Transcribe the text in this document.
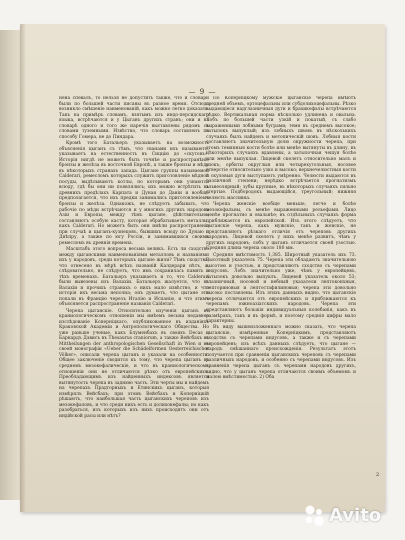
— 9 —

нена спевалъ, то нельзя не допустить также, что и словари были по большей части писаны въ разное время. Отсюда возникло смѣшенiе наименованiй, какъ можно легко доказать. Такъ на примѣръ словамъ, взятымъ изъ индо-персидскаго языка, встрѣчаются и у Цыганъ другихъ странъ; они и въ словарѣ одного и того же наречiя выставлены рядомъ съ словами туземными. Извѣстно, что словарь составленъ по способу Гомера, не до Пиндара.

Кромѣ того Батальеръ указываетъ на возможность объясненiя цыганъ съ тѣмъ, что сванами ихъ называютъ, указываетъ на естественность въ Сиццiю до «скутовъ». Исторiя нигдѣ не можетъ быть точнѣе и распространѣнiе бронзы и желѣза въ восточной Европѣ, а также бронзы и мѣди въ нѣкоторыхъ странахъ запада. Цыгане группы называемой Calderari, ремесломъ которыхъ служитъ приготовленiе мѣдной посуды, выдѣлываютъ котлы, по которымъ они узнаются всюду, гдѣ бы они ни появлялись; ихъ можно встрѣтить въ древнихъ предѣлахъ Карпата и Дуная до Данiи и вообще предполагается, что ихъ предки занимались приготовленiемъ бронзы и желѣза. Однакожъ, не слѣдуетъ забывать, что рабочiе по мѣди встрѣчаются и у многихъ другихъ народовъ Азiи и Европы; между тѣмъ цыгане, дѣйствительно, составляютъ особую касту, которая обрабатываетъ металлы, какъ Calderari. Но можетъ быть они имѣли распространенiе при случаѣ и цыганъ-кузнецовъ, бывшихъ всюду по Дунаю и Днѣпру, а также по югу Россiи, и занимавшихся своимъ ремесломъ въ древнiя времена.

Масштабъ этого вопроса весьма великъ. Есть ли сходство между цыганскими наименованiями металловъ и названiями ихъ у народовъ, среди которыхъ цыгане жили? Тѣмъ сходства, что отнесено въ мѣрѣ всѣхъ названiй Калдерари нѣтъ, а, слѣдовательно, не слѣдуетъ, что имъ сохранилась память о тѣхъ временахъ. Батальеръ указываетъ и то, что Calderari были вывезены изъ Валахiи. Батальеръ жалуется, что въ Валахiи и прочихъ странахъ о нихъ мало извѣстно, и что исторiя ихъ весьма неполна; онъ думаетъ, что цыгане эти попали въ Францiю черезъ Италiю и Испанiю, и что этимъ объясняется распространенiе названiя Calderari.

Черепа цыганскiе. Относительно изученiя цыганъ въ краниологическомъ отношенiи мы имѣемъ весьма недавнее изслѣдованiе Копернiцкаго, опубликованное въ изданiяхъ Краковской Академiи и Антропологическаго Общества. Но уже раньше ученые, какъ Блуменбахъ въ своихъ Decas и Барнардъ Дэвисъ въ Thesaurus craniorum, а также Вейсбахъ въ Mittheilungen der anthropologischen Gesellschaft in Wien и въ своей монографiи «Ueber die Schädelformen Oesterreichischer Völker», описали черепа цыганъ и указали на особенности. Общее заключенiе сводится къ тому, что черепа цыганъ въ среднемъ мезокефалическiе, и что въ краниологическомъ отношенiи они не отличаются рѣзко отъ европейскихъ. Преобладающимъ изъ найденныхъ индексовъ является вытянутость черепа въ заднюю часть. Эти черты мы и найдемъ на черепахъ Прадгорныхъ и Етинскихъ цыганъ, которыя измѣрялъ Вейсбахъ; при этомъ Вейсбахъ и Копернiцкiй рѣшаютъ, что наибольшая часть цыганскихъ череповъ изъ мезокефаловъ, и что среди нихъ есть и долихокефалы; но какъ разобраться, изъ которыхъ изъ нихъ происходятъ они отъ индiйской расы или нѣтъ?

По Копернiцкому мужскiе цыганскiе черепа имѣютъ средней объемъ, ортоцефальны или субдолихоцефальны. Рѣзко выдающiеся надглазничныя дуги и брахикефалы встрѣчаются рѣдко. Вертикальная норма нѣсколько удлинена и овальна. Лобъ по большей части узкiй и покатый, съ слабо выраженными лобными буграми; темя въ среднемъ высокое; затылокъ выпуклый; изъ лобныхъ швовъ въ нѣсколькихъ случаяхъ былъ найденъ и метопическiй шовъ. Лобныя кости составляютъ значительную долю окружности черепа, при этомъ темянныя кости болѣе или менѣе вытянуты въ длину, въ нѣкоторыхъ случаяхъ вдавлены, а затылочная чешуя болѣе или менѣе выпуклая. Лицевой скелетъ относительно малъ и узокъ; орбиты округлыя или четырехугольныя, носовое отверстiе относительно узко и высоко; верхнечелюстныя кости и скуловыя дуги выступаютъ умѣренно. Челюсти выдаются въ различной степени; нерѣдко встрѣчается прогнатизмъ альвеолярный; зубы крупные, въ нѣкоторыхъ случаяхъ сильно стертые. Подбородокъ выдающiйся, треугольный; нижняя челюсть массивна.

Черепа женскiе вообще меньше, легче и болѣе мезокефальны, съ менѣе выраженными рельефами. Лицо менѣе прогнатно и овальнѣе; въ отдѣльныхъ случаяхъ форма приближается къ европейской. Изъ этого слѣдуетъ, что цыганскiе черепа, какъ мужскiе, такъ и женскiе, не представляютъ рѣзкаго отличiя отъ череповъ другихъ народовъ. Лицевой скелетъ у нихъ менѣе развитъ, чѣмъ у другихъ народовъ; лобъ у цыганъ отличается своей узостью. Средняя длина черепа около 180 мм.

Средняя вмѣстимость 1,385. Широтный указатель ихъ 73. Высотный указатель 75. Черепа эти обладаютъ значительною высотою и узостью, и представляютъ сходство съ черепами индусовъ. Лобъ значительно уже, чѣмъ у европейцевъ, затылокъ довольно выпуклъ. Лицевой указатель около 53; глазничный, носовой и небный указатели лептоконхныя, лепториновыя и лептостафилиновыя; черепа эти довольно высоко поставлены. Изъ этихъ данныхъ видно, что цыганскiе черепа отличаются отъ европейскихъ и приближаются къ черепамъ южноазiатскихъ народовъ. Черепа эти представляютъ большiя индивидуальныя колебанiя, какъ въ размѣрахъ, такъ и въ формѣ, и поэтому среднiя цифры мало характерны.

Въ виду вышеизложеннаго можно сказать, что черепа цыганскiе, измѣренные Копернiцкимъ, представляютъ сходство съ черепами индусовъ, а также и съ черепами европейцевъ; изъ всѣхъ данныхъ слѣдуетъ, что цыгане — народъ смѣшаннаго происхожденiя. Результатъ этотъ получается при сравненiи цыганскихъ череповъ съ черепами различныхъ народовъ, и особенно съ черепами индусовъ. Изъ сравненiя черепа цыганъ съ черепами народовъ другихъ, видно, что у цыганъ черепа отличаются своимъ объемомъ и малою вмѣстимостью. 2) Оба

2
Avito
